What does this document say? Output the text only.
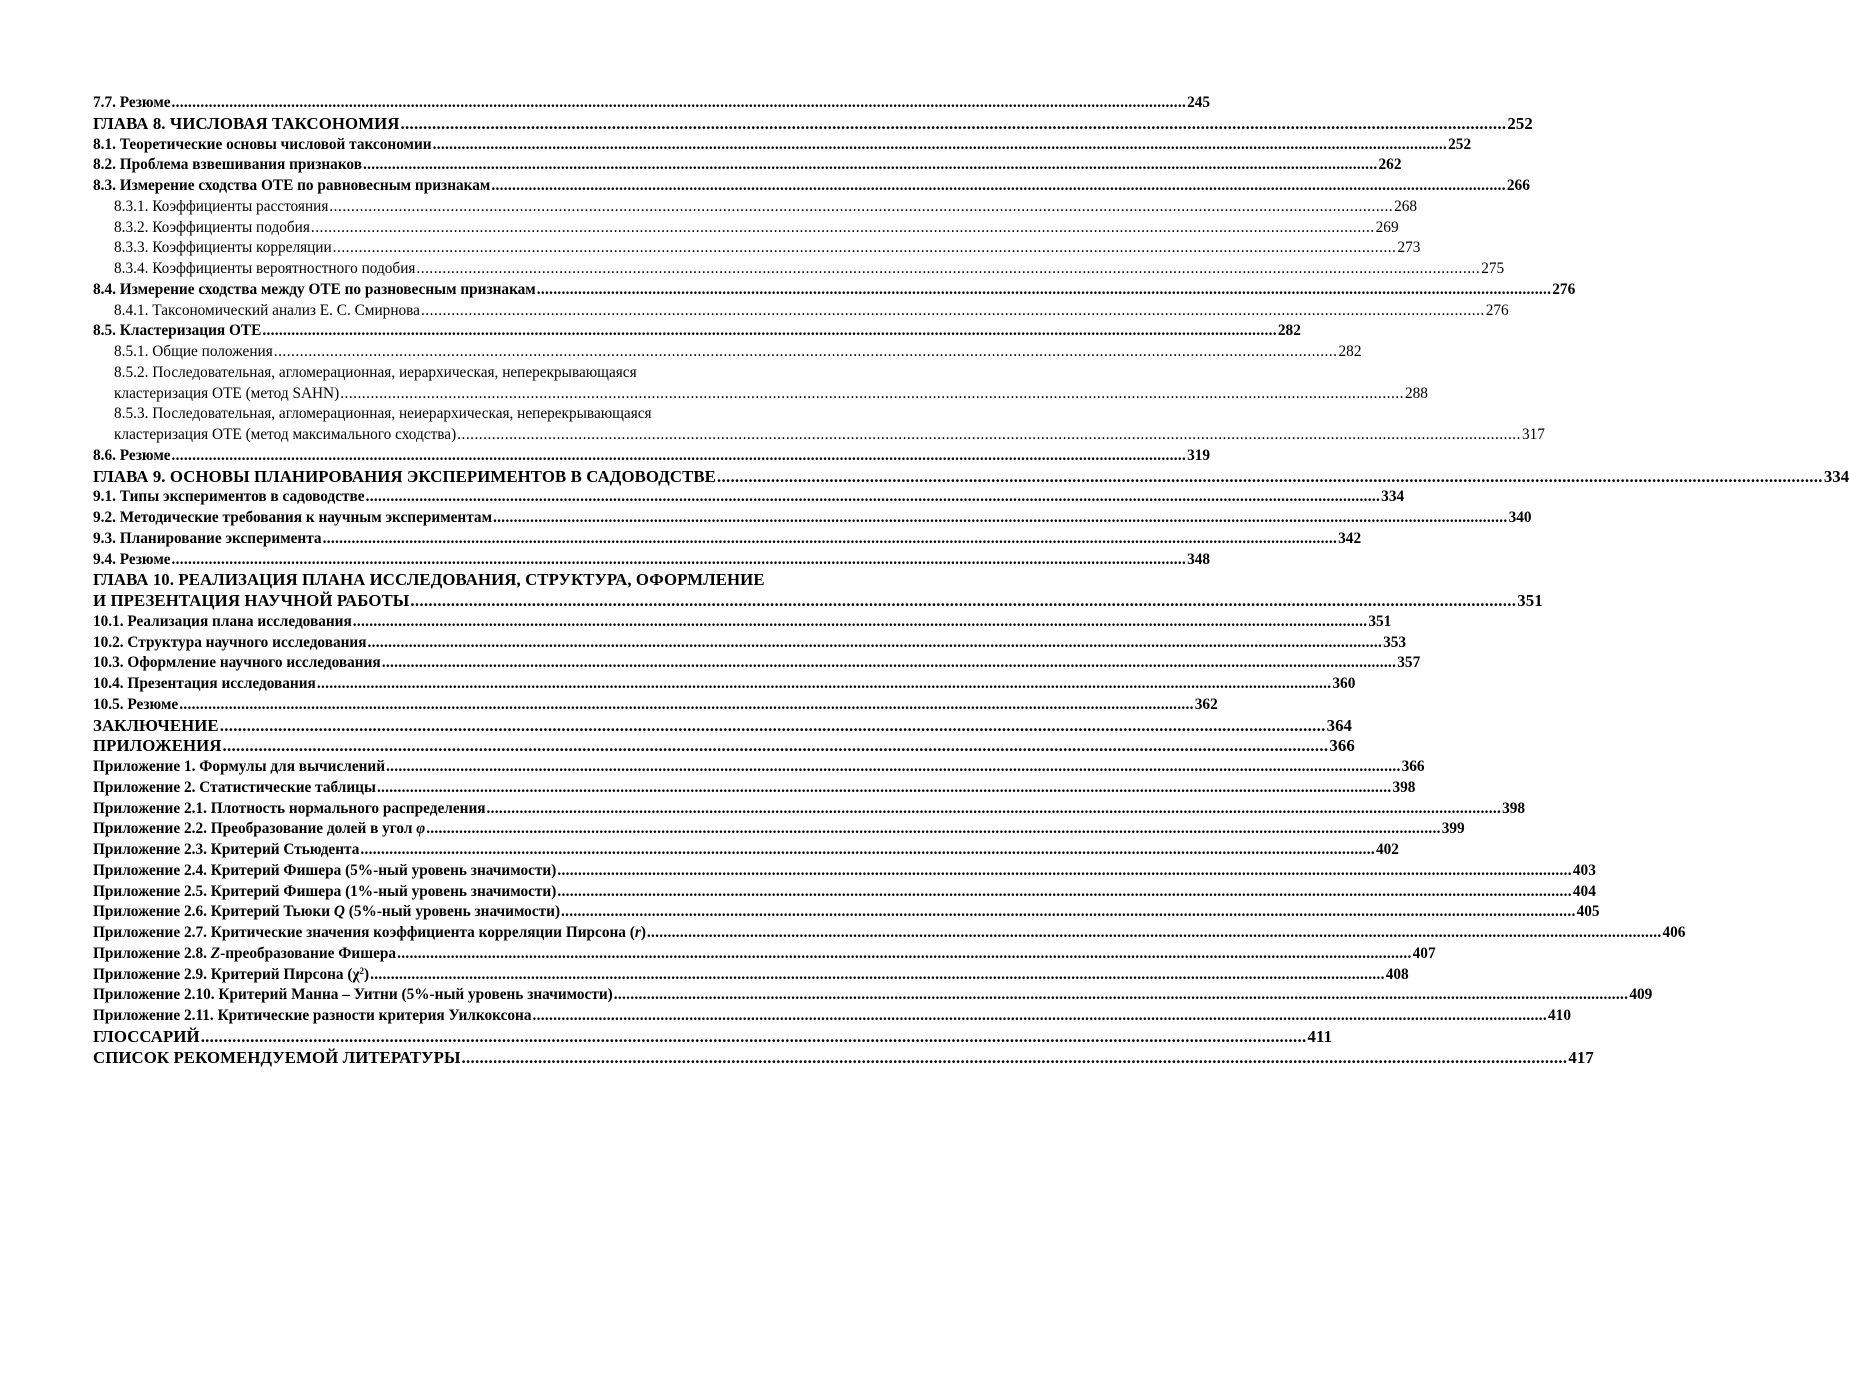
7.7. Резюме .....	245
ГЛАВА 8. ЧИСЛОВАЯ ТАКСОНОМИЯ .....	252
8.1. Теоретические основы числовой таксономии .....	252
8.2. Проблема взвешивания признаков .....	262
8.3. Измерение сходства ОТЕ по равновесным признакам .....	266
8.3.1. Коэффициенты расстояния .....	268
8.3.2. Коэффициенты подобия .....	269
8.3.3. Коэффициенты корреляции .....	273
8.3.4. Коэффициенты вероятностного подобия .....	275
8.4. Измерение сходства между ОТЕ по разновесным признакам .....	276
8.4.1. Таксономический анализ Е. С. Смирнова .....	276
8.5. Кластеризация ОТЕ .....	282
8.5.1. Общие положения .....	282
8.5.2. Последовательная, агломерационная, иерархическая, неперекрывающаяся
кластеризация ОТЕ (метод SAHN) .....	288
8.5.3. Последовательная, агломерационная, неиерархическая, неперекрывающаяся
кластеризация ОТЕ (метод максимального сходства) .....	317
8.6. Резюме .....	319
ГЛАВА 9. ОСНОВЫ ПЛАНИРОВАНИЯ ЭКСПЕРИМЕНТОВ В САДОВОДСТВЕ .....	334
9.1. Типы экспериментов в садоводстве .....	334
9.2. Методические требования к научным экспериментам .....	340
9.3. Планирование эксперимента .....	342
9.4. Резюме .....	348
ГЛАВА 10. РЕАЛИЗАЦИЯ ПЛАНА ИССЛЕДОВАНИЯ, СТРУКТУРА, ОФОРМЛЕНИЕ
И ПРЕЗЕНТАЦИЯ НАУЧНОЙ РАБОТЫ .....	351
10.1. Реализация плана исследования .....	351
10.2. Структура научного исследования .....	353
10.3. Оформление научного исследования .....	357
10.4. Презентация исследования .....	360
10.5. Резюме .....	362
ЗАКЛЮЧЕНИЕ .....	364
ПРИЛОЖЕНИЯ .....	366
Приложение 1. Формулы для вычислений .....	366
Приложение 2. Статистические таблицы .....	398
Приложение 2.1. Плотность нормального распределения .....	398
Приложение 2.2. Преобразование долей в угол φ .....	399
Приложение 2.3. Критерий Стьюдента .....	402
Приложение 2.4. Критерий Фишера (5%-ный уровень значимости) .....	403
Приложение 2.5. Критерий Фишера (1%-ный уровень значимости) .....	404
Приложение 2.6. Критерий Тьюки Q (5%-ный уровень значимости) .....	405
Приложение 2.7. Критические значения коэффициента корреляции Пирсона (r) .....	406
Приложение 2.8. Z-преобразование Фишера .....	407
Приложение 2.9. Критерий Пирсона $(\chi^2)$ .....	408
Приложение 2.10. Критерий Манна – Уитни (5%-ный уровень значимости) .....	409
Приложение 2.11. Критические разности критерия Уилкоксона .....	410
ГЛОССАРИЙ .....	411
СПИСОК РЕКОМЕНДУЕМОЙ ЛИТЕРАТУРЫ .....	417
